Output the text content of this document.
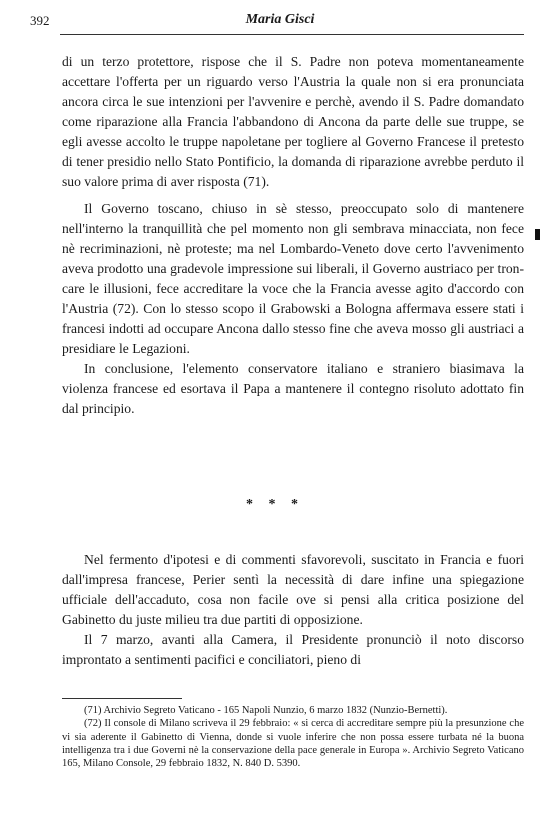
392	Maria Gisci

di un terzo protettore, rispose che il S. Padre non poteva momentaneamente accettare l'offerta per un riguardo verso l'Austria la quale non si era pronunciata ancora circa le sue intenzioni per l'avvenire e perchè, avendo il S. Padre domandato come riparazione alla Francia l'abbandono di Ancona da parte delle sue truppe, se egli avesse accolto le truppe napoletane per togliere al Governo Francese il pretesto di tener presidio nello Stato Pontificio, la domanda di riparazione avrebbe perduto il suo valore prima di aver risposta (71).

Il Governo toscano, chiuso in sè stesso, preoccupato solo di mantenere nell'interno la tranquillità che pel momento non gli sembrava minacciata, non fece nè recriminazioni, nè proteste; ma nel Lombardo-Veneto dove certo l'avvenimento aveva prodotto una gradevole impressione sui liberali, il Governo austriaco per troncare le illusioni, fece accreditare la voce che la Francia avesse agito d'accordo con l'Austria (72). Con lo stesso scopo il Grabowski a Bologna affermava essere stati i francesi indotti ad occupare Ancona dallo stesso fine che aveva mosso gli austriaci a presidiare le Legazioni.

In conclusione, l'elemento conservatore italiano e straniero biasimava la violenza francese ed esortava il Papa a mantenere il contegno risoluto adottato fin dal principio.

* * *

Nel fermento d'ipotesi e di commenti sfavorevoli, suscitato in Francia e fuori dall'impresa francese, Perier sentì la necessità di dare infine una spiegazione ufficiale dell'accaduto, cosa non facile ove si pensi alla critica posizione del Gabinetto du juste milieu tra due partiti di opposizione.

Il 7 marzo, avanti alla Camera, il Presidente pronunciò il noto discorso improntato a sentimenti pacifici e conciliatori, pieno di

(71) Archivio Segreto Vaticano - 165 Napoli Nunzio, 6 marzo 1832 (Nunzio-Bernetti).

(72) Il console di Milano scriveva il 29 febbraio: « si cerca di accreditare sempre più la presunzione che vi sia aderente il Gabinetto di Vienna, donde si vuole inferire che non possa essere turbata né la buona intelligenza tra i due Governi nè la conservazione della pace generale in Europa ». Archivio Segreto Vaticano 165, Milano Console, 29 febbraio 1832, N. 840 D. 5390.
